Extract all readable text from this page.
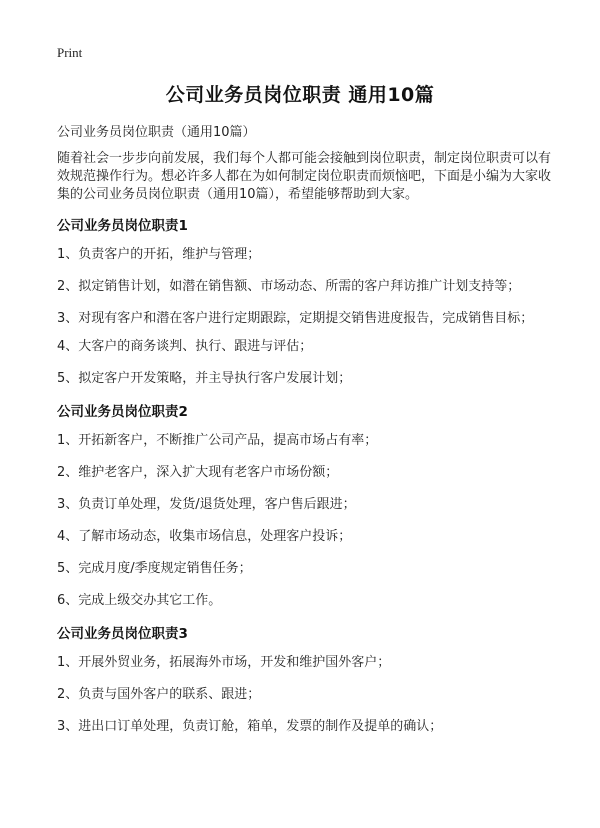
Print
公司业务员岗位职责 通用10篇
公司业务员岗位职责（通用10篇）

随着社会一步步向前发展，我们每个人都可能会接触到岗位职责，制定岗位职责可以有效规范操作行为。想必许多人都在为如何制定岗位职责而烦恼吧，下面是小编为大家收集的公司业务员岗位职责（通用10篇），希望能够帮助到大家。

公司业务员岗位职责1
1、负责客户的开拓，维护与管理；
2、拟定销售计划，如潜在销售额、市场动态、所需的客户拜访推广计划支持等；
3、对现有客户和潜在客户进行定期跟踪，定期提交销售进度报告，完成销售目标；
4、大客户的商务谈判、执行、跟进与评估；
5、拟定客户开发策略，并主导执行客户发展计划；
公司业务员岗位职责2
1、开拓新客户，不断推广公司产品，提高市场占有率；
2、维护老客户，深入扩大现有老客户市场份额；
3、负责订单处理，发货/退货处理，客户售后跟进；
4、了解市场动态，收集市场信息，处理客户投诉；
5、完成月度/季度规定销售任务；
6、完成上级交办其它工作。
公司业务员岗位职责3
1、开展外贸业务，拓展海外市场，开发和维护国外客户；
2、负责与国外客户的联系、跟进；
3、进出口订单处理，负责订舱，箱单，发票的制作及提单的确认；
